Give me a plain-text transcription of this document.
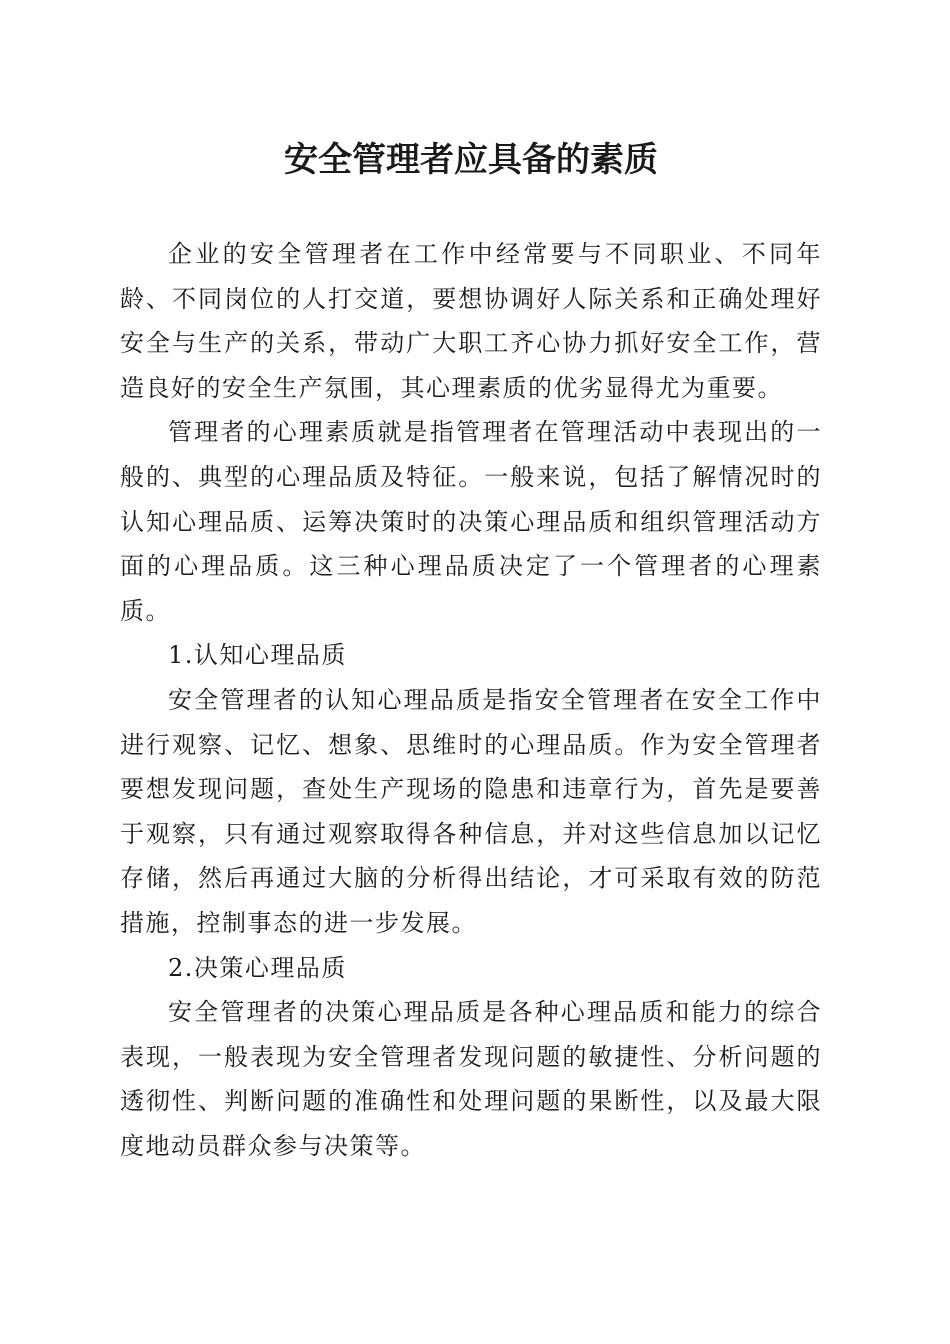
安全管理者应具备的素质

企业的安全管理者在工作中经常要与不同职业、不同年龄、不同岗位的人打交道，要想协调好人际关系和正确处理好安全与生产的关系，带动广大职工齐心协力抓好安全工作，营造良好的安全生产氛围，其心理素质的优劣显得尤为重要。

管理者的心理素质就是指管理者在管理活动中表现出的一般的、典型的心理品质及特征。一般来说，包括了解情况时的认知心理品质、运筹决策时的决策心理品质和组织管理活动方面的心理品质。这三种心理品质决定了一个管理者的心理素质。

1.认知心理品质

安全管理者的认知心理品质是指安全管理者在安全工作中进行观察、记忆、想象、思维时的心理品质。作为安全管理者要想发现问题，查处生产现场的隐患和违章行为，首先是要善于观察，只有通过观察取得各种信息，并对这些信息加以记忆存储，然后再通过大脑的分析得出结论，才可采取有效的防范措施，控制事态的进一步发展。

2.决策心理品质

安全管理者的决策心理品质是各种心理品质和能力的综合表现，一般表现为安全管理者发现问题的敏捷性、分析问题的透彻性、判断问题的准确性和处理问题的果断性，以及最大限度地动员群众参与决策等。
